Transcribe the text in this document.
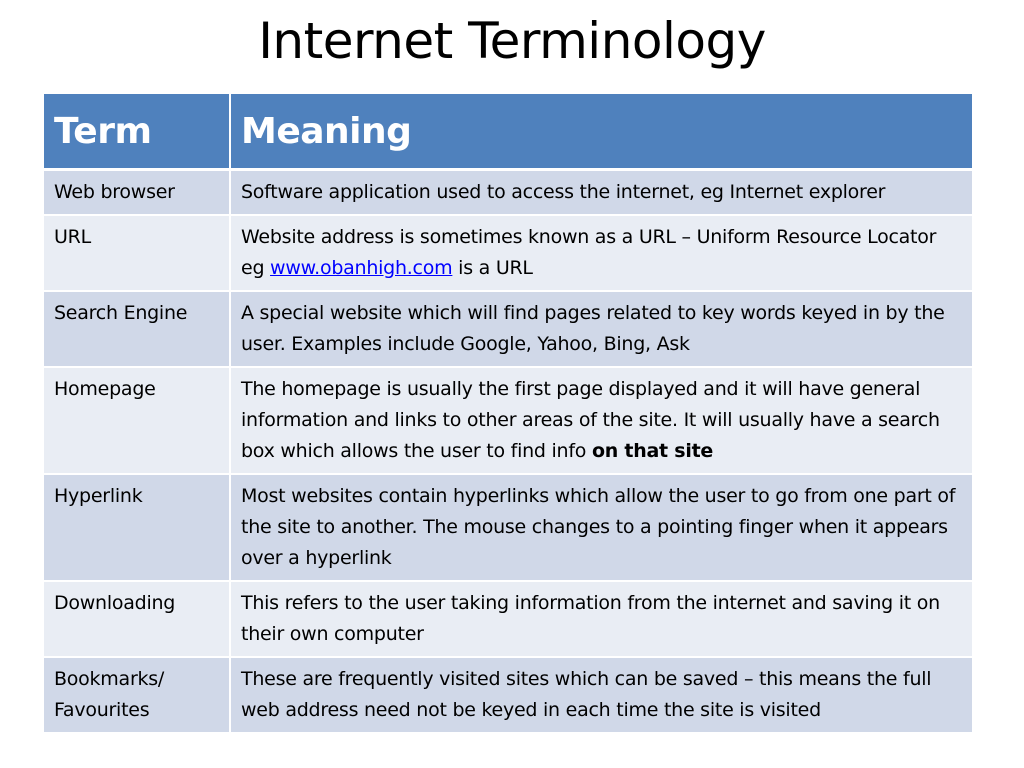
Internet Terminology
Term	Meaning
Web browser	Software application used to access the internet, eg Internet explorer
URL	Website address is sometimes known as a URL – Uniform Resource Locator eg www.obanhigh.com is a URL
Search Engine	A special website which will find pages related to key words keyed in by the user. Examples include Google, Yahoo, Bing, Ask
Homepage	The homepage is usually the first page displayed and it will have general information and links to other areas of the site. It will usually have a search box which allows the user to find info on that site
Hyperlink	Most websites contain hyperlinks which allow the user to go from one part of the site to another. The mouse changes to a pointing finger when it appears over a hyperlink
Downloading	This refers to the user taking information from the internet and saving it on their own computer
Bookmarks/ Favourites	These are frequently visited sites which can be saved – this means the full web address need not be keyed in each time the site is visited
